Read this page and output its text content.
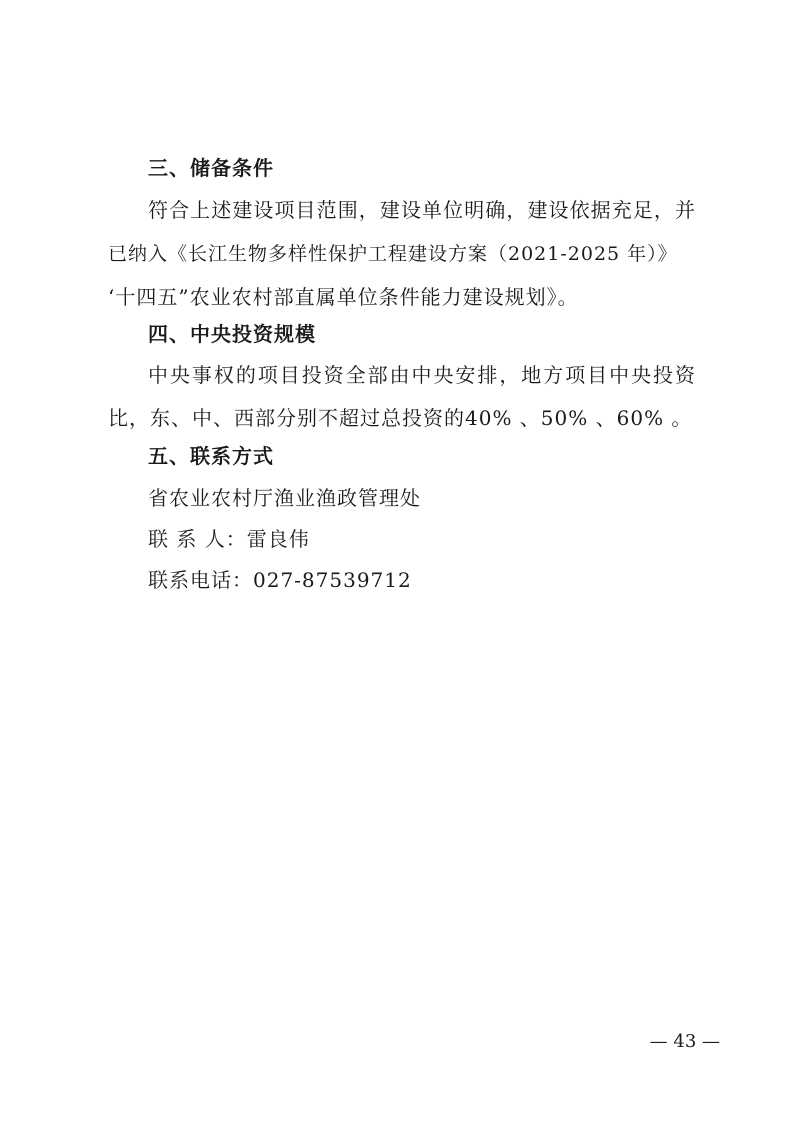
三、储备条件
符合上述建设项目范围，建设单位明确，建设依据充足，并
已纳入《长江生物多样性保护工程建设方案（2021-2025 年）》
‘十四五”农业农村部直属单位条件能力建设规划》。
四、中央投资规模
中央事权的项目投资全部由中央安排，地方项目中央投资
比，东、中、西部分别不超过总投资的40% 、50% 、60% 。
五、联系方式
省农业农村厅渔业渔政管理处
联 系 人：雷良伟
联系电话：027-87539712
— 43 —
